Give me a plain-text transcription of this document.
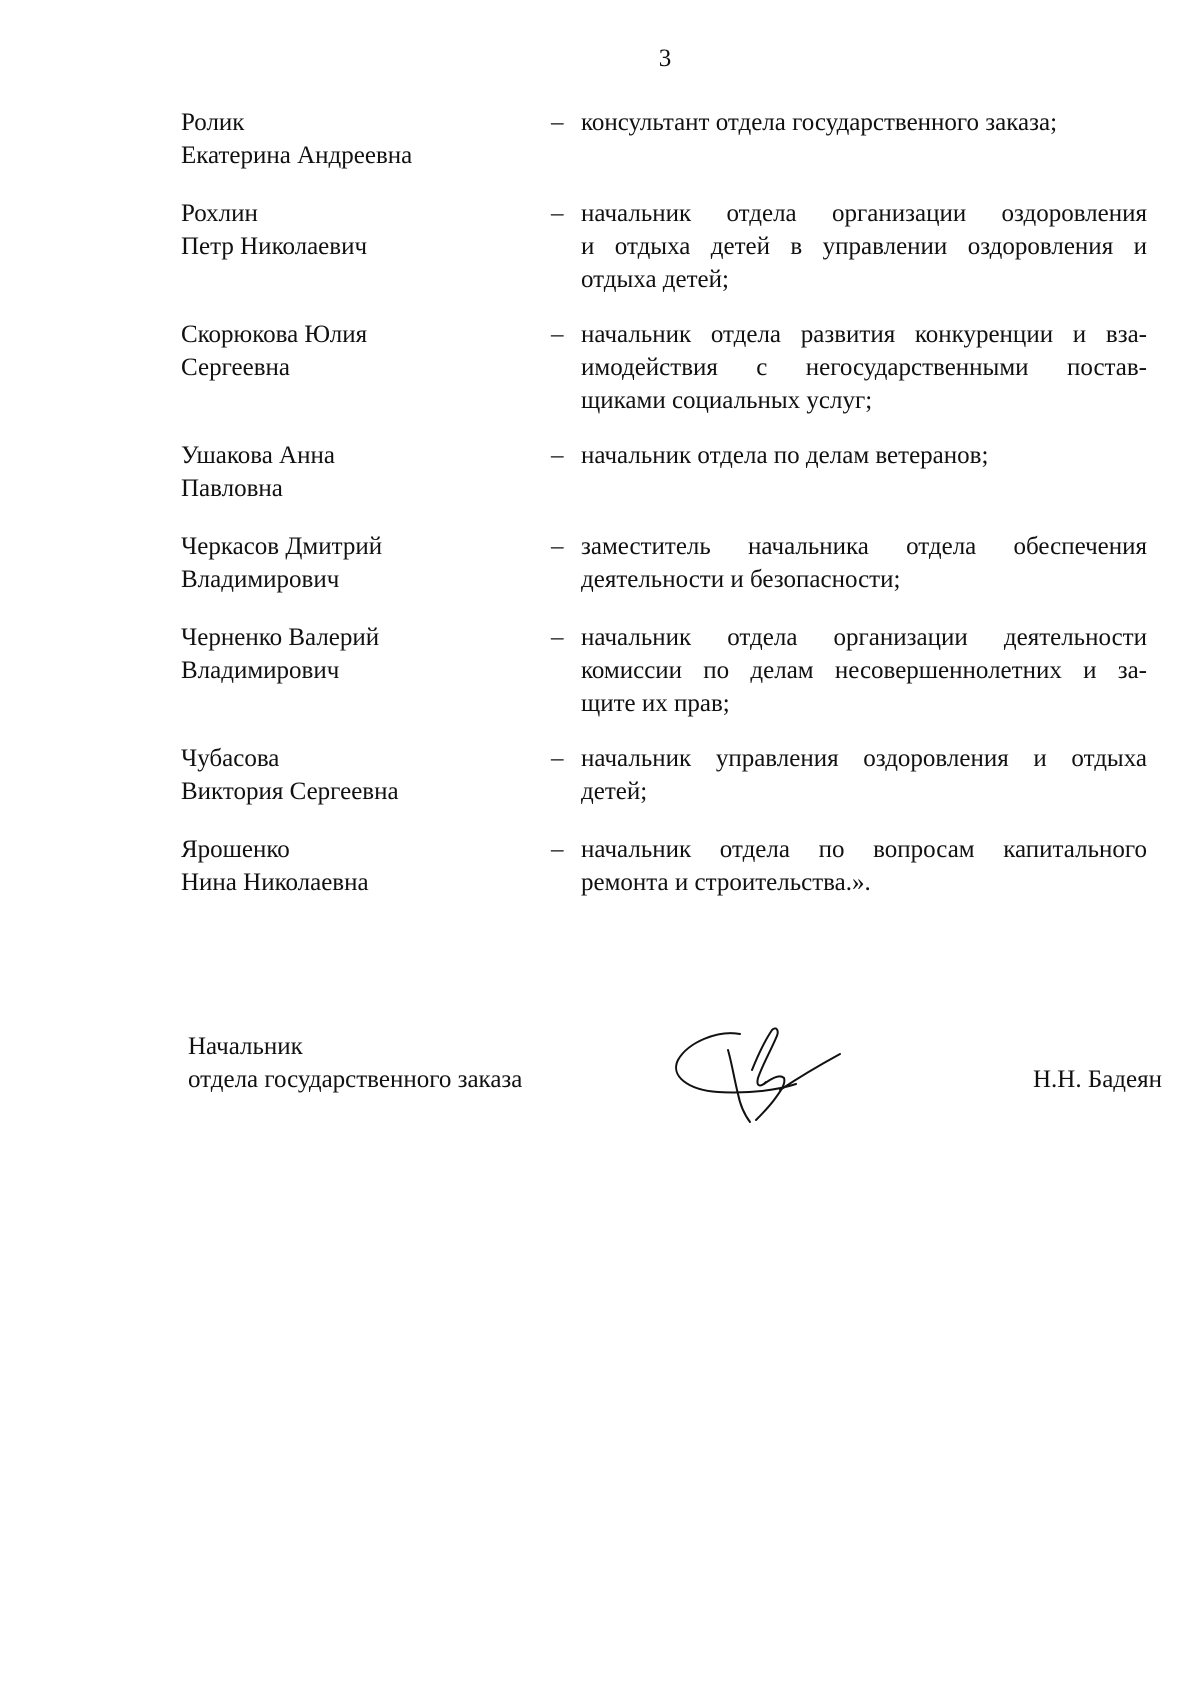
3
Ролик
Екатерина Андреевна
– консультант отдела государственного заказа;
Рохлин
Петр Николаевич
– начальник отдела организации оздоровления
и отдыха детей в управлении оздоровления и
отдыха детей;
Скорюкова Юлия
Сергеевна
– начальник отдела развития конкуренции и вза-
имодействия с негосударственными постав-
щиками социальных услуг;
Ушакова Анна
Павловна
– начальник отдела по делам ветеранов;
Черкасов Дмитрий
Владимирович
– заместитель начальника отдела обеспечения
деятельности и безопасности;
Черненко Валерий
Владимирович
– начальник отдела организации деятельности
комиссии по делам несовершеннолетних и за-
щите их прав;
Чубасова
Виктория Сергеевна
– начальник управления оздоровления и отдыха
детей;
Ярошенко
Нина Николаевна
– начальник отдела по вопросам капитального
ремонта и строительства.».
Начальник
отдела государственного заказа	Н.Н. Бадеян
